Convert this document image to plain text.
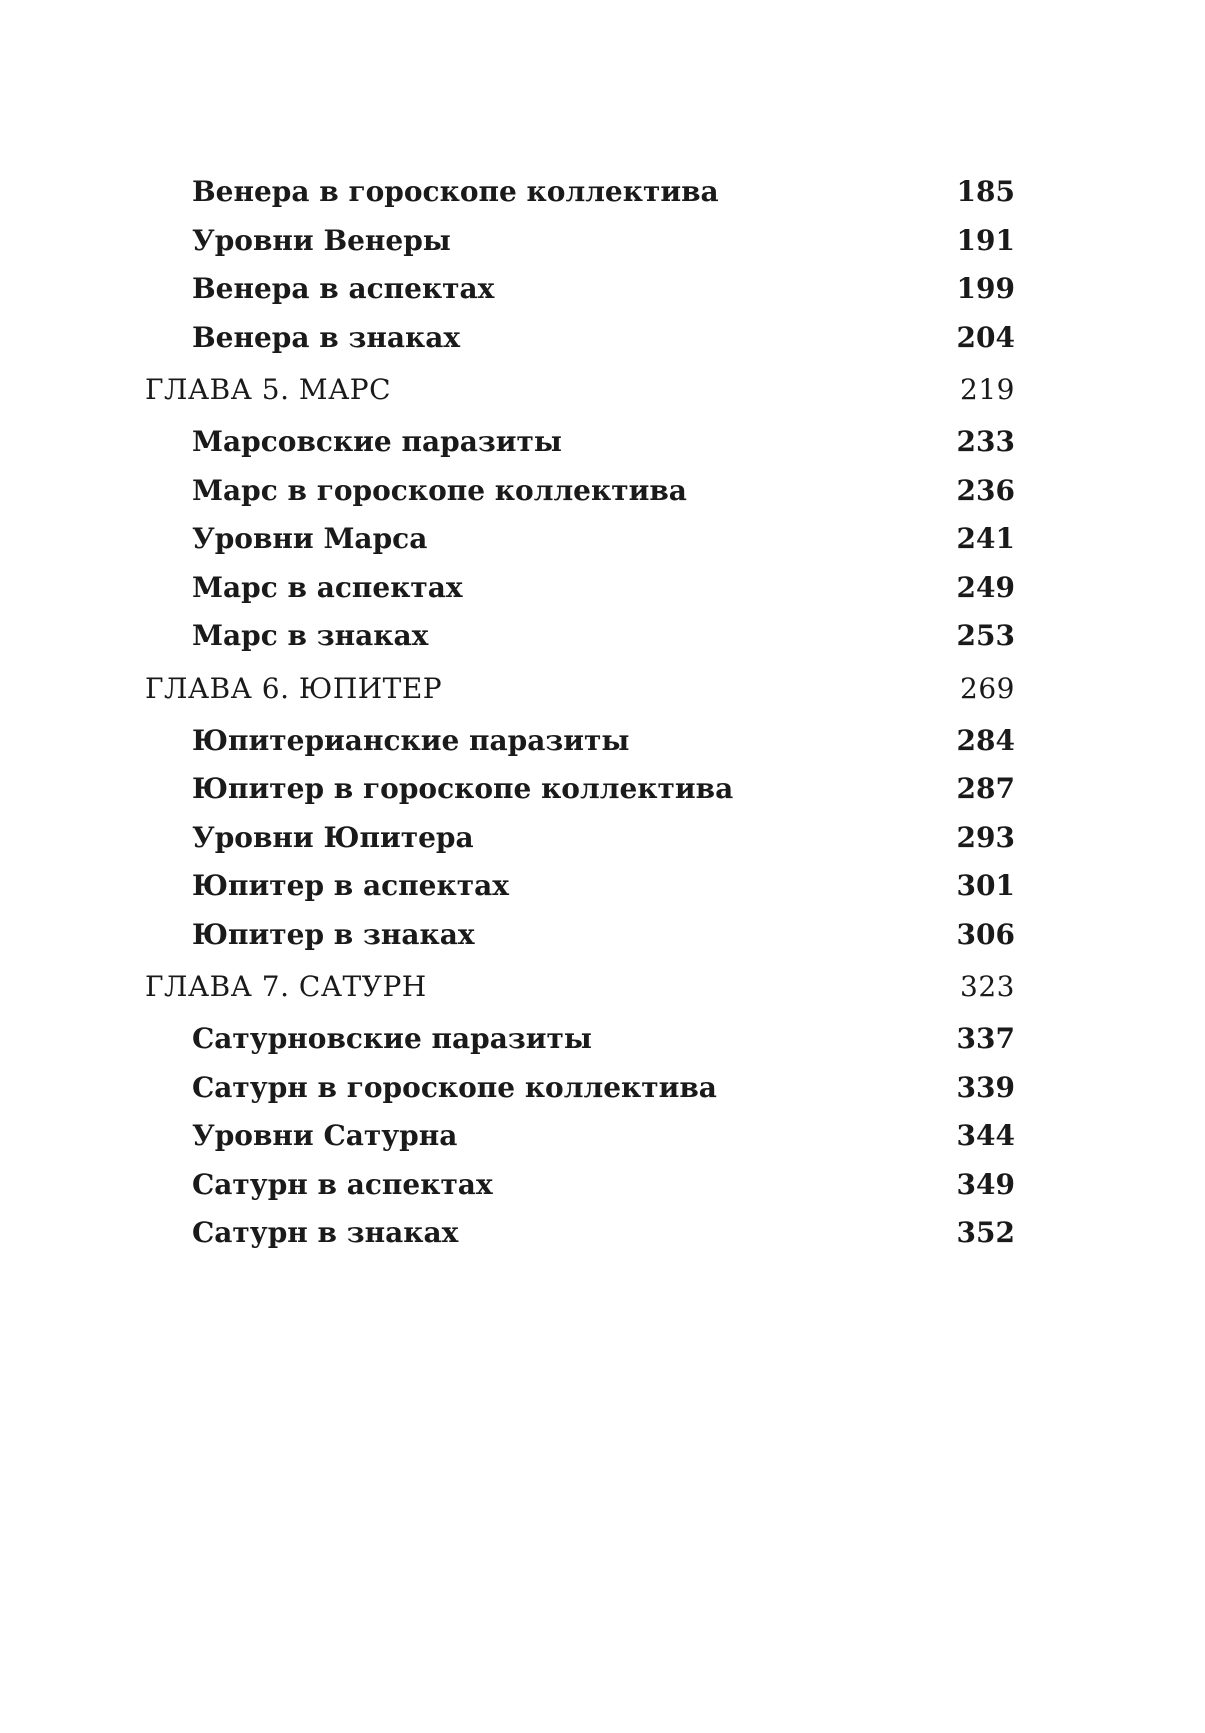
Венера в гороскопе коллектива . . .	185
Уровни Венеры . . .	191
Венера в аспектах . . .	199
Венера в знаках . . .	204
ГЛАВА 5. МАРС . . .	219
Марсовские паразиты . . .	233
Марс в гороскопе коллектива . . .	236
Уровни Марса . . .	241
Марс в аспектах . . .	249
Марс в знаках . . .	253
ГЛАВА 6. ЮПИТЕР . . .	269
Юпитерианские паразиты . . .	284
Юпитер в гороскопе коллектива . . .	287
Уровни Юпитера . . .	293
Юпитер в аспектах . . .	301
Юпитер в знаках . . .	306
ГЛАВА 7. САТУРН . . .	323
Сатурновские паразиты . . .	337
Сатурн в гороскопе коллектива . . .	339
Уровни Сатурна . . .	344
Сатурн в аспектах . . .	349
Сатурн в знаках . . .	352
